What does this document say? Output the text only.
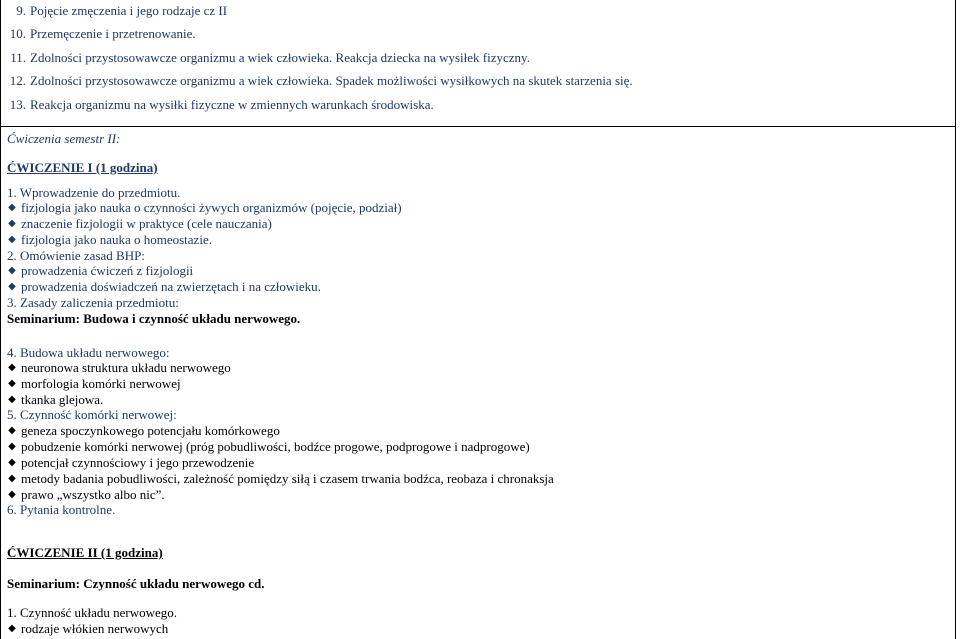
9. Pojęcie zmęczenia i jego rodzaje cz II
10. Przemęczenie i przetrenowanie.
11. Zdolności przystosowawcze organizmu a wiek człowieka. Reakcja dziecka na wysiłek fizyczny.
12. Zdolności przystosowawcze organizmu a wiek człowieka. Spadek możliwości wysiłkowych na skutek starzenia się.
13. Reakcja organizmu na wysiłki fizyczne w zmiennych warunkach środowiska.
Ćwiczenia semestr II:
ĆWICZENIE I (1 godzina)
1. Wprowadzenie do przedmiotu.
◆ fizjologia jako nauka o czynności żywych organizmów (pojęcie, podział)
◆ znaczenie fizjologii w praktyce (cele nauczania)
◆ fizjologia jako nauka o homeostazie.
2. Omówienie zasad BHP:
◆ prowadzenia ćwiczeń z fizjologii
◆ prowadzenia doświadczeń na zwierzętach i na człowieku.
3. Zasady zaliczenia przedmiotu:
Seminarium: Budowa i czynność układu nerwowego.
4. Budowa układu nerwowego:
◆ neuronowa struktura układu nerwowego
◆ morfologia komórki nerwowej
◆ tkanka glejowa.
5. Czynność komórki nerwowej:
◆ geneza spoczynkowego potencjału komórkowego
◆ pobudzenie komórki nerwowej (próg pobudliwości, bodźce progowe, podprogowe i nadprogowe)
◆ potencjał czynnościowy i jego przewodzenie
◆ metody badania pobudliwości, zależność pomiędzy siłą i czasem trwania bodźca, reobaza i chronaksja
◆ prawo „wszystko albo nic”.
6. Pytania kontrolne.
ĆWICZENIE II (1 godzina)
Seminarium: Czynność układu nerwowego cd.
1. Czynność układu nerwowego.
◆ rodzaje włókien nerwowych
